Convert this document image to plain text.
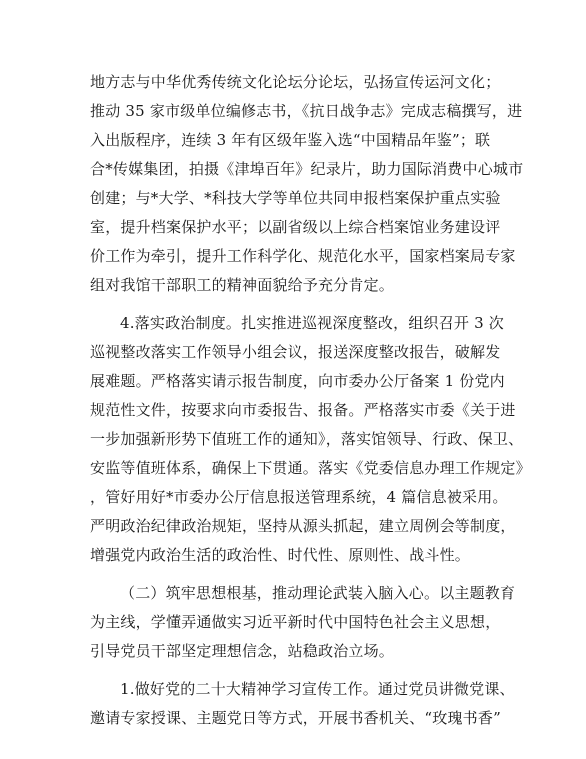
地方志与中华优秀传统文化论坛分论坛，弘扬宣传运河文化；
推动 35 家市级单位编修志书，《抗日战争志》完成志稿撰写，进
入出版程序，连续 3 年有区级年鉴入选“中国精品年鉴”；联
合*传媒集团，拍摄《津埠百年》纪录片，助力国际消费中心城市
创建；与*大学、*科技大学等单位共同申报档案保护重点实验
室，提升档案保护水平；以副省级以上综合档案馆业务建设评
价工作为牵引，提升工作科学化、规范化水平，国家档案局专家
组对我馆干部职工的精神面貌给予充分肯定。
4.落实政治制度。扎实推进巡视深度整改，组织召开 3 次
巡视整改落实工作领导小组会议，报送深度整改报告，破解发
展难题。严格落实请示报告制度，向市委办公厅备案 1 份党内
规范性文件，按要求向市委报告、报备。严格落实市委《关于进
一步加强新形势下值班工作的通知》，落实馆领导、行政、保卫、
安监等值班体系，确保上下贯通。落实《党委信息办理工作规定》
，管好用好*市委办公厅信息报送管理系统，4 篇信息被采用。
严明政治纪律政治规矩，坚持从源头抓起，建立周例会等制度，
增强党内政治生活的政治性、时代性、原则性、战斗性。
（二）筑牢思想根基，推动理论武装入脑入心。以主题教育
为主线，学懂弄通做实习近平新时代中国特色社会主义思想，
引导党员干部坚定理想信念，站稳政治立场。
1.做好党的二十大精神学习宣传工作。通过党员讲微党课、
邀请专家授课、主题党日等方式，开展书香机关、“玫瑰书香”
